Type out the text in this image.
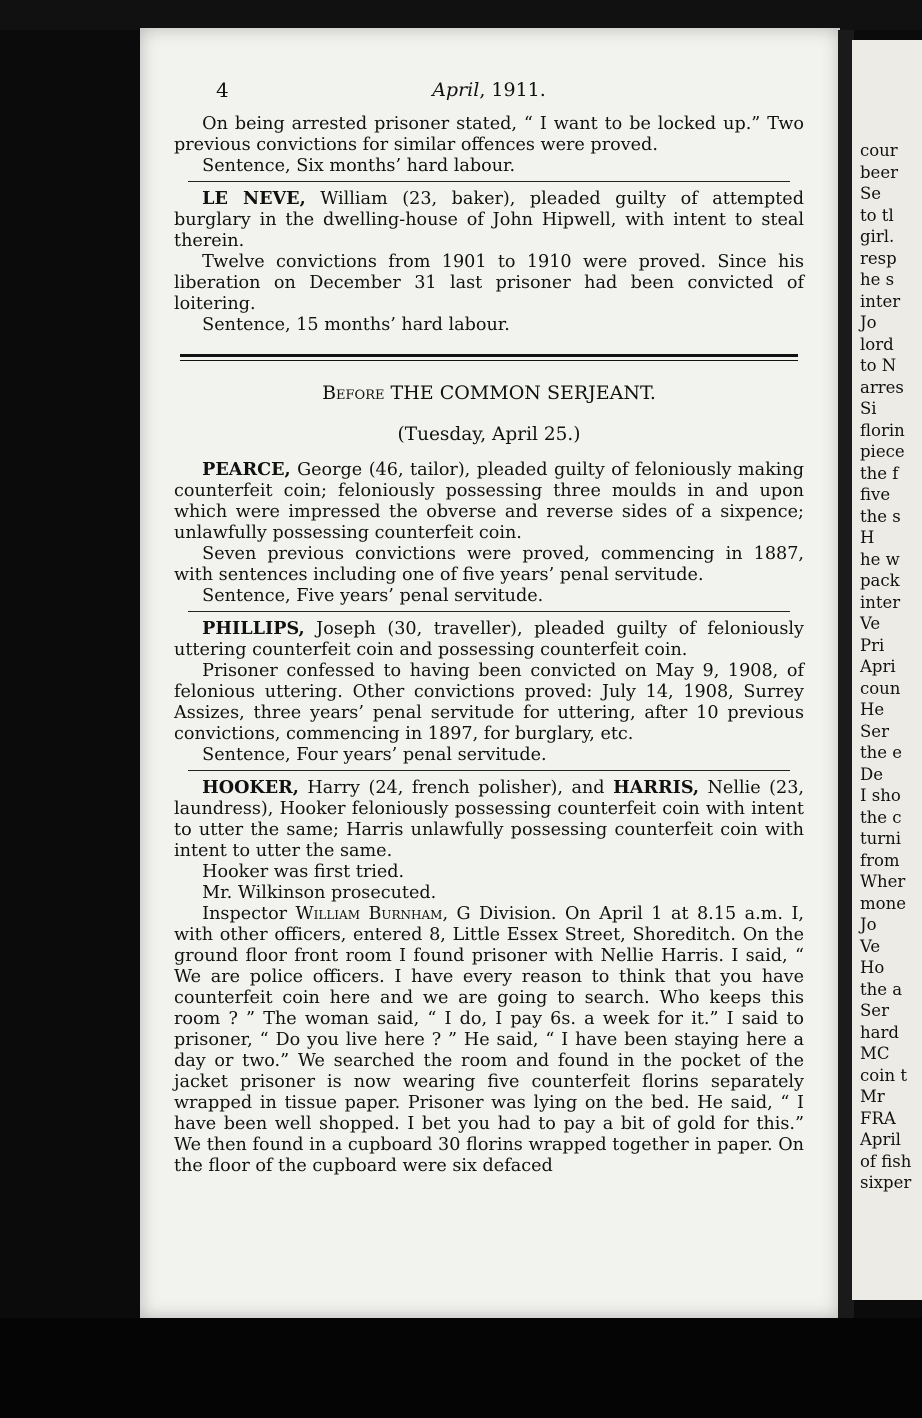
4	April, 1911.

On being arrested prisoner stated, “ I want to be locked up.” Two previous convictions for similar offences were proved.

Sentence, Six months’ hard labour.

LE NEVE, William (23, baker), pleaded guilty of attempted burglary in the dwelling-house of John Hipwell, with intent to steal therein.

Twelve convictions from 1901 to 1910 were proved. Since his liberation on December 31 last prisoner had been convicted of loitering.

Sentence, 15 months’ hard labour.

Before THE COMMON SERJEANT.
(Tuesday, April 25.)

PEARCE, George (46, tailor), pleaded guilty of feloniously making counterfeit coin; feloniously possessing three moulds in and upon which were impressed the obverse and reverse sides of a sixpence; unlawfully possessing counterfeit coin.

Seven previous convictions were proved, commencing in 1887, with sentences including one of five years’ penal servitude.

Sentence, Five years’ penal servitude.

PHILLIPS, Joseph (30, traveller), pleaded guilty of feloniously uttering counterfeit coin and possessing counterfeit coin.

Prisoner confessed to having been convicted on May 9, 1908, of felonious uttering. Other convictions proved: July 14, 1908, Surrey Assizes, three years’ penal servitude for uttering, after 10 previous convictions, commencing in 1897, for burglary, etc.

Sentence, Four years’ penal servitude.

HOOKER, Harry (24, french polisher), and HARRIS, Nellie (23, laundress), Hooker feloniously possessing counterfeit coin with intent to utter the same; Harris unlawfully possessing counterfeit coin with intent to utter the same.

Hooker was first tried.

Mr. Wilkinson prosecuted.

Inspector William Burnham, G Division. On April 1 at 8.15 a.m. I, with other officers, entered 8, Little Essex Street, Shoreditch. On the ground floor front room I found prisoner with Nellie Harris. I said, “ We are police officers. I have every reason to think that you have counterfeit coin here and we are going to search. Who keeps this room ? ” The woman said, “ I do, I pay 6s. a week for it.” I said to prisoner, “ Do you live here ? ” He said, “ I have been staying here a day or two.” We searched the room and found in the pocket of the jacket prisoner is now wearing five counterfeit florins separately wrapped in tissue paper. Prisoner was lying on the bed. He said, “ I have been well shopped. I bet you had to pay a bit of gold for this.” We then found in a cupboard 30 florins wrapped together in paper. On the floor of the cupboard were six defaced

cour
beer
Se
to tl
girl.
resp
he s
inter
Jo
lord
to N
arres
Si
florin
piece
the f
five
the s
H
he w
pack
inter
Ve
Pri
Apri
coun
He
Ser
the e
De
I sho
the c
turni
from
Wher
mone
Jo
Ve
Ho
the a
Ser
hard
MC
coin t
Mr
FRA
April
of fish
sixper
